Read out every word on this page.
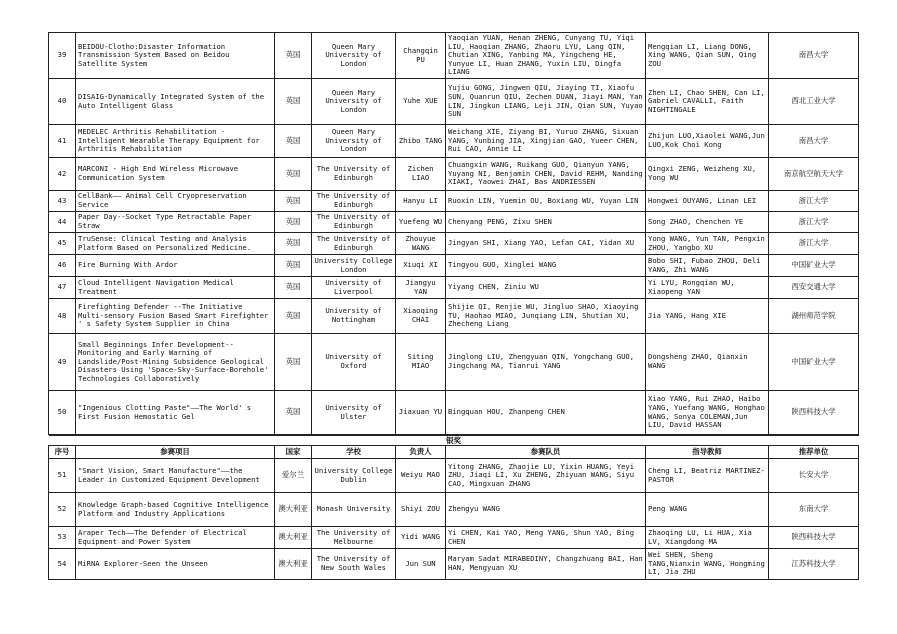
39	BEIDOU-Clotho:Disaster Information Transmission System Based on Beidou Satellite System	英国	Queen Mary University of London	Changqin PU	Yaoqian YUAN, Henan ZHENG, Cunyang TU, Yiqi LIU, Haoqian ZHANG, Zhaoru LYU, Lang QIN, Chutian XING, Yanbing MA, Yingcheng HE, Yunyue LI, Huan ZHANG, Yuxin LIU, Dingfa LIANG	Mengqian LI, Liang DONG, Xing WANG, Qian SUN, Qing ZOU	南昌大学
40	DISAIG-Dynamically Integrated System of the Auto Intelligent Glass	英国	Queen Mary University of London	Yuhe XUE	Yujiu GONG, Jingwen QIU, Jiaying TI, Xiaofu SUN, Quanrun QIU, Zechen DUAN, Jiayi MAN, Yan LIN, Jingkun LIANG, Leji JIN, Qian SUN, Yuyao SUN	Zhen LI, Chao SHEN, Can LI, Gabriel CAVALLI, Faith NIGHTINGALE	西北工业大学
41	MEDELEC Arthritis Rehabilitation - Intelligent Wearable Therapy Equipment for Arthritis Rehabilitation	英国	Queen Mary University of London	Zhibo TANG	Weichang XIE, Ziyang BI, Yuruo ZHANG, Sixuan YANG, Yunbing JIA, Xingjian GAO, Yueer CHEN, Rui CAO, Annie LI	Zhijun LUO,Xiaolei WANG,Jun LUO,Kok Choi Kong	南昌大学
42	MARCONI - High End Wireless Microwave Communication System	英国	The University of Edinburgh	Zichen LIAO	Chuangxin WANG, Ruikang GUO, Qianyun YANG, Yuyang NI, Benjamin CHEN, David REHM, Nanding XIAKI, Yaowei ZHAI, Bas ANDRIESSEN	Qingxi ZENG, Weizheng XU, Yong WU	南京航空航天大学
43	CellBank—— Animal Cell Cryopreservation Service	英国	The University of Edinburgh	Hanyu LI	Ruoxin LIN, Yuemin OU, Boxiang WU, Yuyan LIN	Hongwei OUYANG, Linan LEI	浙江大学
44	Paper Day--Socket Type Retractable Paper Straw	英国	The University of Edinburgh	Yuefeng WU	Chenyang PENG, Zixu SHEN	Song ZHAO, Chenchen YE	浙江大学
45	TruSense: Clinical Testing and Analysis Platform Based on Personalized Medicine.	英国	The University of Edinburgh	Zhouyue WANG	Jingyan SHI, Xiang YAO, Lefan CAI, Yidan XU	Yong WANG, Yun TAN, Pengxin ZHOU, Yangbo XU	浙江大学
46	Fire Burning With Ardor	英国	University College London	Xiuqi XI	Tingyou GUO, Xinglei WANG	Bobo SHI, Fubao ZHOU, Deli YANG, Zhi WANG	中国矿业大学
47	Cloud Intelligent Navigation Medical Treatment	英国	University of Liverpool	Jiangyu YAN	Yiyang CHEN, Ziniu WU	Yi LYU, Rongqian WU, Xiaopeng YAN	西安交通大学
48	Firefighting Defender --The Initiative Multi-sensory Fusion Based Smart Firefighter ' s Safety System Supplier in China	英国	University of Nottingham	Xiaoqing CHAI	Shijie QI, Renjie WU, Jingluo SHAO, Xiaoying TU, Haohao MIAO, Junqiang LIN, Shutian XU, Zhecheng Liang	Jia YANG, Hang XIE	湖州师范学院
49	Small Beginnings Infer Development-- Monitoring and Early Warning of Landslide/Post-Mining Subsidence Geological Disasters Using 'Space-Sky-Surface-Borehole' Technologies Collaboratively	英国	University of Oxford	Siting MIAO	Jinglong LIU, Zhengyuan QIN, Yongchang GUO, Jingchang MA, Tianrui YANG	Dongsheng ZHAO, Qianxin WANG	中国矿业大学
50	"Ingenious Clotting Paste"——The World' s First Fusion Hemostatic Gel	英国	University of Ulster	Jiaxuan YU	Bingquan HOU, Zhanpeng CHEN	Xiao YANG, Rui ZHAO, Haibo YANG, Yuefang WANG, Honghao WANG, Sonya COLEMAN,Jun LIU, David HASSAN	陕西科技大学
银奖							
序号	参赛项目	国家	学校	负责人	参赛队员	指导教师	推荐单位
51	"Smart Vision, Smart Manufacture"——the Leader in Customized Equipment Development	爱尔兰	University College Dublin	Weiyu MAO	Yitong ZHANG, Zhaojie LU, Yixin HUANG, Yeyi ZHU, Jiaqi LI, Xu ZHENG, Zhiyuan WANG, Siyu CAO, Mingxuan ZHANG	Cheng LI, Beatriz MARTINEZ-PASTOR	长安大学
52	Knowledge Graph-based Cognitive Intelligence Platform and Industry Applications	澳大利亚	Monash University	Shiyi ZOU	Zhengyu WANG	Peng WANG	东南大学
53	Araper Tech——The Defender of Electrical Equipment and Power System	澳大利亚	The University of Melbourne	Yidi WANG	Yi CHEN, Kai YAO, Meng YANG, Shun YAO, Bing CHEN	Zhaoqing LU, Li HUA, Xia LV, Xiangdong MA	陕西科技大学
54	MiRNA Explorer-Seen the Unseen	澳大利亚	The University of New South Wales	Jun SUN	Maryam Sadat MIRABEDINY, Changzhuang BAI, Han HAN, Mengyuan XU	Wei SHEN, Sheng TANG,Nianxin WANG, Hongming LI, Jia ZHU	江苏科技大学
